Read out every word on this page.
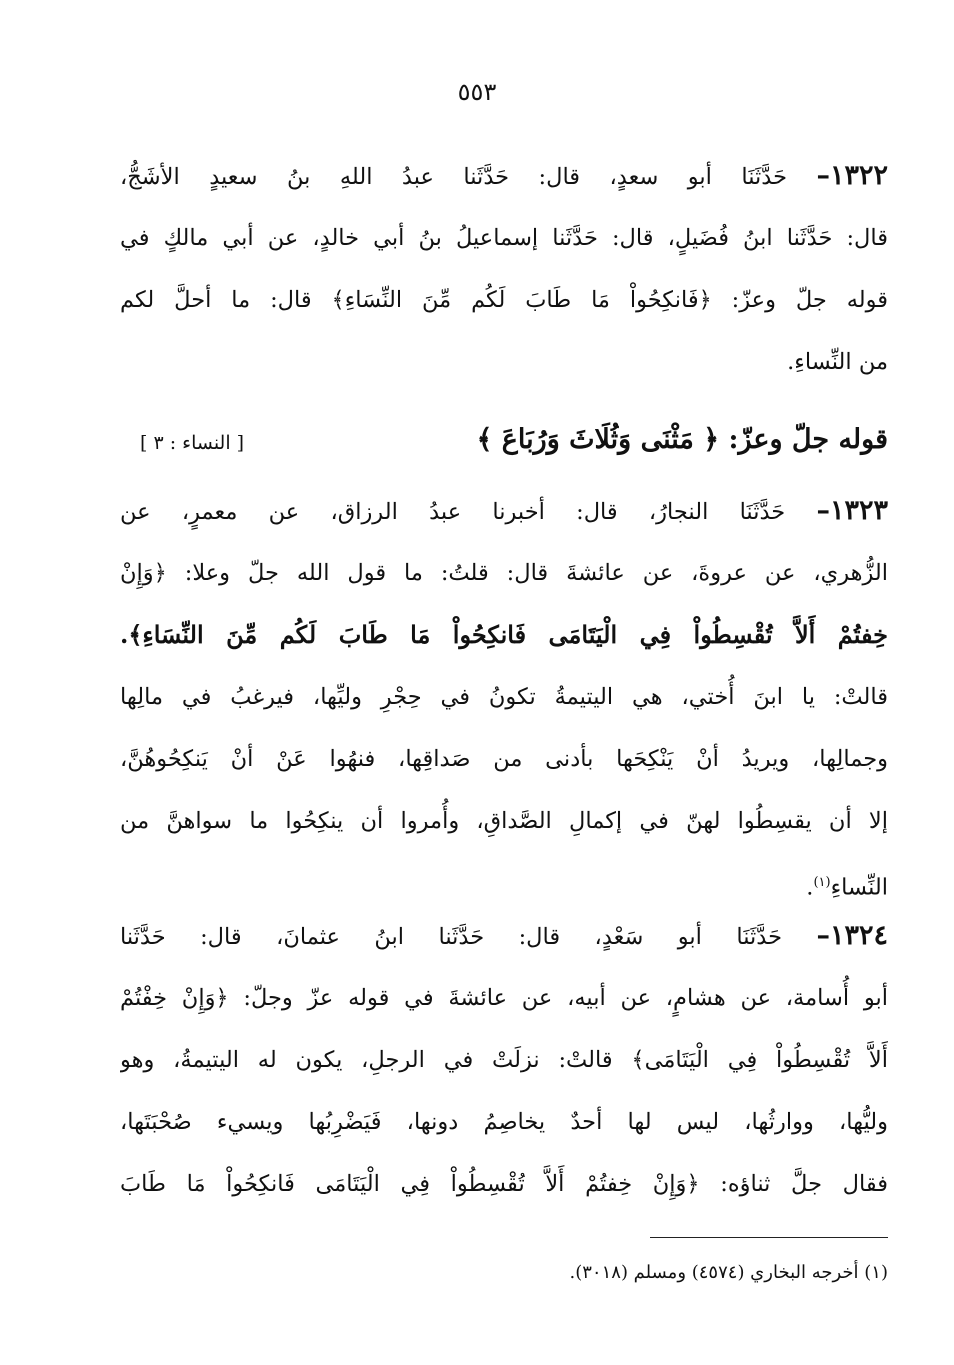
٥٥٣
١٣٢٢– حَدَّثَنَا أبو سعدٍ، قال: حَدَّثَنا عبدُ اللهِ بنُ سعيدٍ الأشَجُّ،
قال: حَدَّثَنا ابنُ فُضَيلٍ، قال: حَدَّثَنا إسماعيلُ بنُ أبي خالدٍ، عن أبي مالكٍ في
قوله جلّ وعزّ: ﴿فَانكِحُواْ مَا طَابَ لَكُم مِّنَ النِّسَاءِ﴾ قال: ما أحلَّ لكم
من النِّساءِ.
قوله جلّ وعزّ: ﴿ مَثْنَى وَثُلَاثَ وَرُبَاعَ ﴾
[ النساء : ٣ ]
١٣٢٣– حَدَّثَنَا النجارُ، قال: أخبرنا عبدُ الرزاق، عن معمرٍ، عن
الزُّهري، عن عروةَ، عن عائشةَ قال: قلتُ: ما قول الله جلّ وعلا: ﴿وَإِنْ
خِفتُمْ أَلاَّ تُقْسِطُواْ فِي الْيَتَامَى فَانكِحُواْ مَا طَابَ لَكُم مِّنَ النِّسَاءِ﴾.
قالتْ: يا ابنَ أُختي، هي اليتيمةُ تكونُ في حِجْرِ وليِّها، فيرغبُ في مالِها
وجمالِها، ويريدُ أنْ يَنْكِحَها بأدنى من صَداقِها، فنهُوا عَنْ أنْ يَنكِحُوهُنَّ،
إلا أن يقسِطُوا لهنّ في إكمالِ الصَّداقِ، وأُمروا أن ينكِحُوا ما سواهنَّ من
النِّساءِ$^{(١)}$.
١٣٢٤– حَدَّثَنَا أبو سَعْدٍ، قال: حَدَّثَنا ابنُ عثمانَ، قال: حَدَّثَنا
أبو أُسامة، عن هشامٍ، عن أبيه، عن عائشةَ في قوله عزّ وجلّ: ﴿وَإِنْ خِفْتُمْ
أَلاَّ تُقْسِطُواْ فِي الْيَتَامَى﴾ قالتْ: نزلَتْ في الرجلِ، يكون له اليتيمةُ، وهو
وليُّها، ووارثُها، ليس لها أحدٌ يخاصِمُ دونها، فَيَضْرِبُها ويسيء صُحْبَتَها،
فقال جلَّ ثناؤه: ﴿وَإِنْ خِفتُمْ أَلاَّ تُقْسِطُواْ فِي الْيَتَامَى فَانكِحُواْ مَا طَابَ
(١) أخرجه البخاري (٤٥٧٤) ومسلم (٣٠١٨).
